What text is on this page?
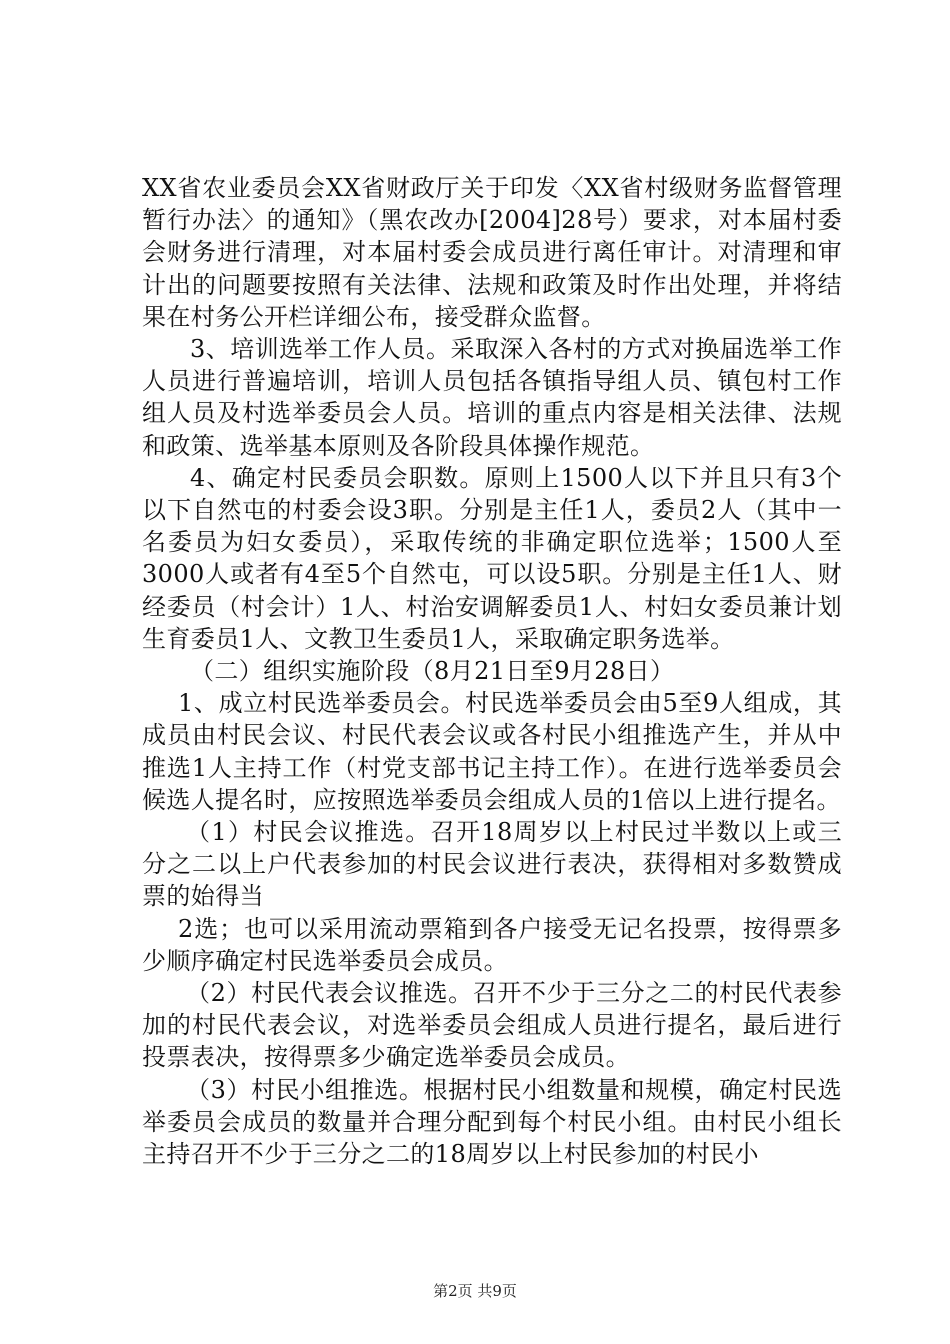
XX省农业委员会XX省财政厅关于印发〈XX省村级财务监督管理暂行办法〉的通知》（黑农改办[2004]28号）要求，对本届村委会财务进行清理，对本届村委会成员进行离任审计。对清理和审计出的问题要按照有关法律、法规和政策及时作出处理，并将结果在村务公开栏详细公布，接受群众监督。

3、培训选举工作人员。采取深入各村的方式对换届选举工作人员进行普遍培训，培训人员包括各镇指导组人员、镇包村工作组人员及村选举委员会人员。培训的重点内容是相关法律、法规和政策、选举基本原则及各阶段具体操作规范。

4、确定村民委员会职数。原则上1500人以下并且只有3个以下自然屯的村委会设3职。分别是主任1人，委员2人（其中一名委员为妇女委员），采取传统的非确定职位选举；1500人至3000人或者有4至5个自然屯，可以设5职。分别是主任1人、财经委员（村会计）1人、村治安调解委员1人、村妇女委员兼计划生育委员1人、文教卫生委员1人，采取确定职务选举。

（二）组织实施阶段（8月21日至9月28日）

1、成立村民选举委员会。村民选举委员会由5至9人组成，其成员由村民会议、村民代表会议或各村民小组推选产生，并从中推选1人主持工作（村党支部书记主持工作）。在进行选举委员会候选人提名时，应按照选举委员会组成人员的1倍以上进行提名。

（1）村民会议推选。召开18周岁以上村民过半数以上或三分之二以上户代表参加的村民会议进行表决，获得相对多数赞成票的始得当

2选；也可以采用流动票箱到各户接受无记名投票，按得票多少顺序确定村民选举委员会成员。

（2）村民代表会议推选。召开不少于三分之二的村民代表参加的村民代表会议，对选举委员会组成人员进行提名，最后进行投票表决，按得票多少确定选举委员会成员。

（3）村民小组推选。根据村民小组数量和规模，确定村民选举委员会成员的数量并合理分配到每个村民小组。由村民小组长主持召开不少于三分之二的18周岁以上村民参加的村民小

第2页 共9页
